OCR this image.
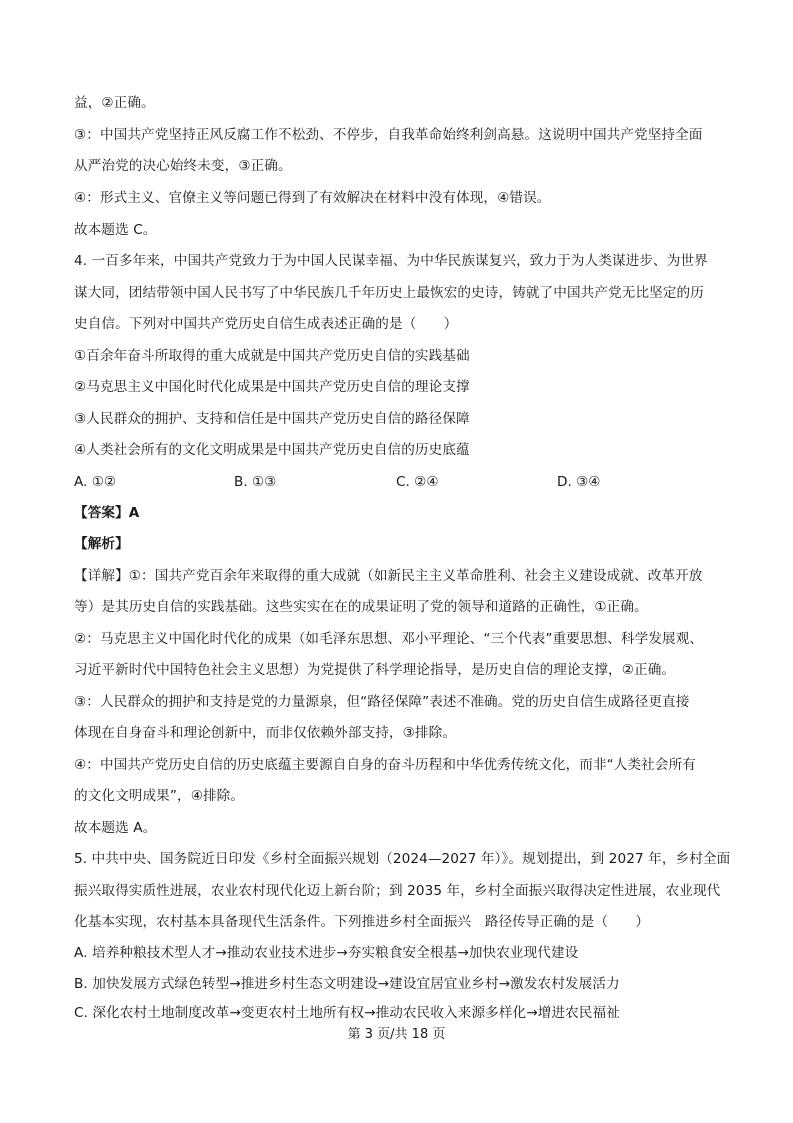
益，②正确。
③：中国共产党坚持正风反腐工作不松劲、不停步，自我革命始终利剑高悬。这说明中国共产党坚持全面
从严治党的决心始终未变，③正确。
④：形式主义、官僚主义等问题已得到了有效解决在材料中没有体现，④错误。
故本题选 C。
4. 一百多年来，中国共产党致力于为中国人民谋幸福、为中华民族谋复兴，致力于为人类谋进步、为世界
谋大同，团结带领中国人民书写了中华民族几千年历史上最恢宏的史诗，铸就了中国共产党无比坚定的历
史自信。下列对中国共产党历史自信生成表述正确的是（　　）
①百余年奋斗所取得的重大成就是中国共产党历史自信的实践基础
②马克思主义中国化时代化成果是中国共产党历史自信的理论支撑
③人民群众的拥护、支持和信任是中国共产党历史自信的路径保障
④人类社会所有的文化文明成果是中国共产党历史自信的历史底蕴
A. ①②	B. ①③	C. ②④	D. ③④
【答案】A
【解析】
【详解】①：国共产党百余年来取得的重大成就（如新民主主义革命胜利、社会主义建设成就、改革开放
等）是其历史自信的实践基础。这些实实在在的成果证明了党的领导和道路的正确性，①正确。
②：马克思主义中国化时代化的成果（如毛泽东思想、邓小平理论、“三个代表”重要思想、科学发展观、
习近平新时代中国特色社会主义思想）为党提供了科学理论指导，是历史自信的理论支撑，②正确。
③：人民群众的拥护和支持是党的力量源泉，但“路径保障”表述不准确。党的历史自信生成路径更直接
体现在自身奋斗和理论创新中，而非仅依赖外部支持，③排除。
④：中国共产党历史自信的历史底蕴主要源自自身的奋斗历程和中华优秀传统文化，而非“人类社会所有
的文化文明成果”，④排除。
故本题选 A。
5. 中共中央、国务院近日印发《乡村全面振兴规划（2024—2027 年）》。规划提出，到 2027 年，乡村全面
振兴取得实质性进展，农业农村现代化迈上新台阶；到 2035 年，乡村全面振兴取得决定性进展，农业现代
化基本实现，农村基本具备现代生活条件。下列推进乡村全面振兴　路径传导正确的是（　　）
A. 培养种粮技术型人才→推动农业技术进步→夯实粮食安全根基→加快农业现代建设
B. 加快发展方式绿色转型→推进乡村生态文明建设→建设宜居宜业乡村→激发农村发展活力
C. 深化农村土地制度改革→变更农村土地所有权→推动农民收入来源多样化→增进农民福祉
第 3 页/共 18 页
